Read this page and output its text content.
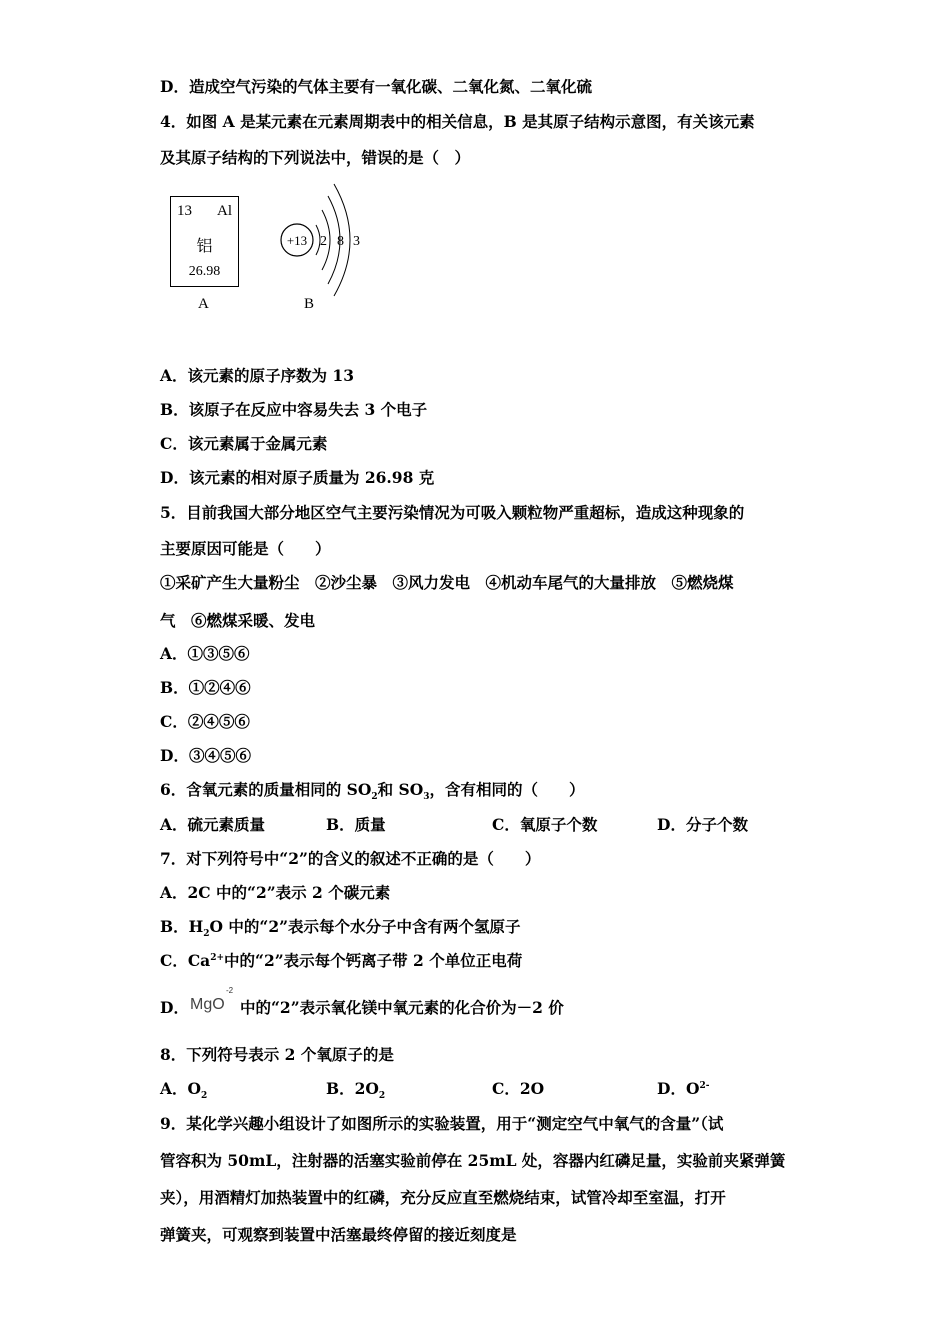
D．造成空气污染的气体主要有一氧化碳、二氧化氮、二氧化硫
4．如图 A 是某元素在元素周期表中的相关信息，B 是其原子结构示意图，有关该元素
及其原子结构的下列说法中，错误的是（　）
13 Al
铝
26.98
A
+13 2 8 3
B
A．该元素的原子序数为 13
B．该原子在反应中容易失去 3 个电子
C．该元素属于金属元素
D．该元素的相对原子质量为 26.98 克
5．目前我国大部分地区空气主要污染情况为可吸入颗粒物严重超标，造成这种现象的
主要原因可能是（　　）
①采矿产生大量粉尘　②沙尘暴　③风力发电　④机动车尾气的大量排放　⑤燃烧煤
气　⑥燃煤采暖、发电
A．①③⑤⑥
B．①②④⑥
C．②④⑤⑥
D．③④⑤⑥
6．含氧元素的质量相同的 $SO_2$和 $SO_3$，含有相同的（　　）
A．硫元素质量	B．质量	C．氧原子个数	D．分子个数
7．对下列符号中“2”的含义的叙述不正确的是（　　）
A．2C 中的“2”表示 2 个碳元素
B．$H_2O$ 中的“2”表示每个水分子中含有两个氢原子
C．$Ca^{2+}$中的“2”表示每个钙离子带 2 个单位正电荷
D． MgO
-2
中的“2”表示氧化镁中氧元素的化合价为－2 价
8．下列符号表示 2 个氧原子的是
A．$O_2$	B．$2O_2$	C．2O	D．$O^{2-}$
9．某化学兴趣小组设计了如图所示的实验装置，用于“测定空气中氧气的含量”（试
管容积为 50mL，注射器的活塞实验前停在 25mL 处，容器内红磷足量，实验前夹紧弹簧
夹），用酒精灯加热装置中的红磷，充分反应直至燃烧结束，试管冷却至室温，打开
弹簧夹，可观察到装置中活塞最终停留的接近刻度是
